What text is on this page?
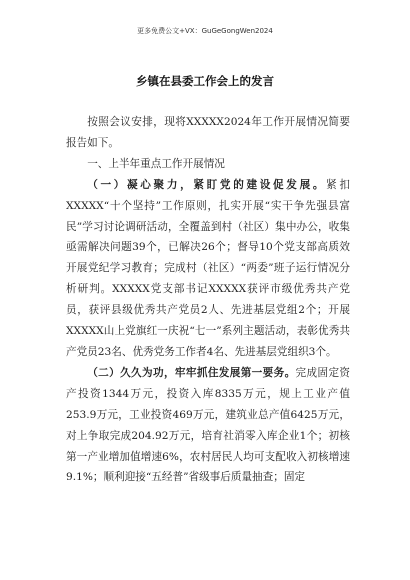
更多免费公文+VX：GuGeGongWen2024
乡镇在县委工作会上的发言

按照会议安排，现将XXXXX2024年工作开展情况简要报告如下。

一、上半年重点工作开展情况

（一）凝心聚力，紧盯党的建设促发展。紧扣XXXXX“十个坚持”工作原则，扎实开展“实干争先强县富民”学习讨论调研活动，全覆盖到村（社区）集中办公，收集亟需解决问题39个，已解决26个；督导10个党支部高质效开展党纪学习教育；完成村（社区）“两委”班子运行情况分析研判。XXXXX党支部书记XXXXX获评市级优秀共产党员，获评县级优秀共产党员2人、先进基层党组2个；开展XXXXX山上党旗红一庆祝“七一”系列主题活动，表彰优秀共产党员23名、优秀党务工作者4名、先进基层党组织3个。

（二）久久为功，牢牢抓住发展第一要务。完成固定资产投资1344万元，投资入库8335万元，规上工业产值253.9万元，工业投资469万元，建筑业总产值6425万元，对上争取完成204.92万元，培育社消零入库企业1个；初核第一产业增加值增速6%，农村居民人均可支配收入初核增速9.1%；顺利迎接“五经普”省级事后质量抽查；固定
